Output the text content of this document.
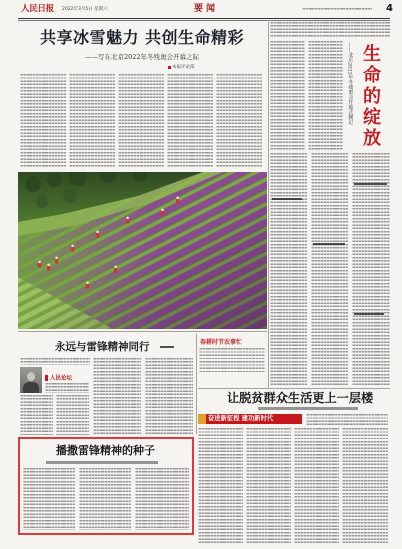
人民日报 2022年3月5日 星期六	要闻	4
共享冰雪魅力 共创生命精彩
——写在北京2022年冬残奥会开幕之际
本报评论部	——北京2022年冬残奥会开幕式侧记 生命的绽放
永远与雷锋精神同行
人民论坛
春耕时节农事忙
让脱贫群众生活更上一层楼
奋进新征程 建功新时代
播撒雷锋精神的种子
